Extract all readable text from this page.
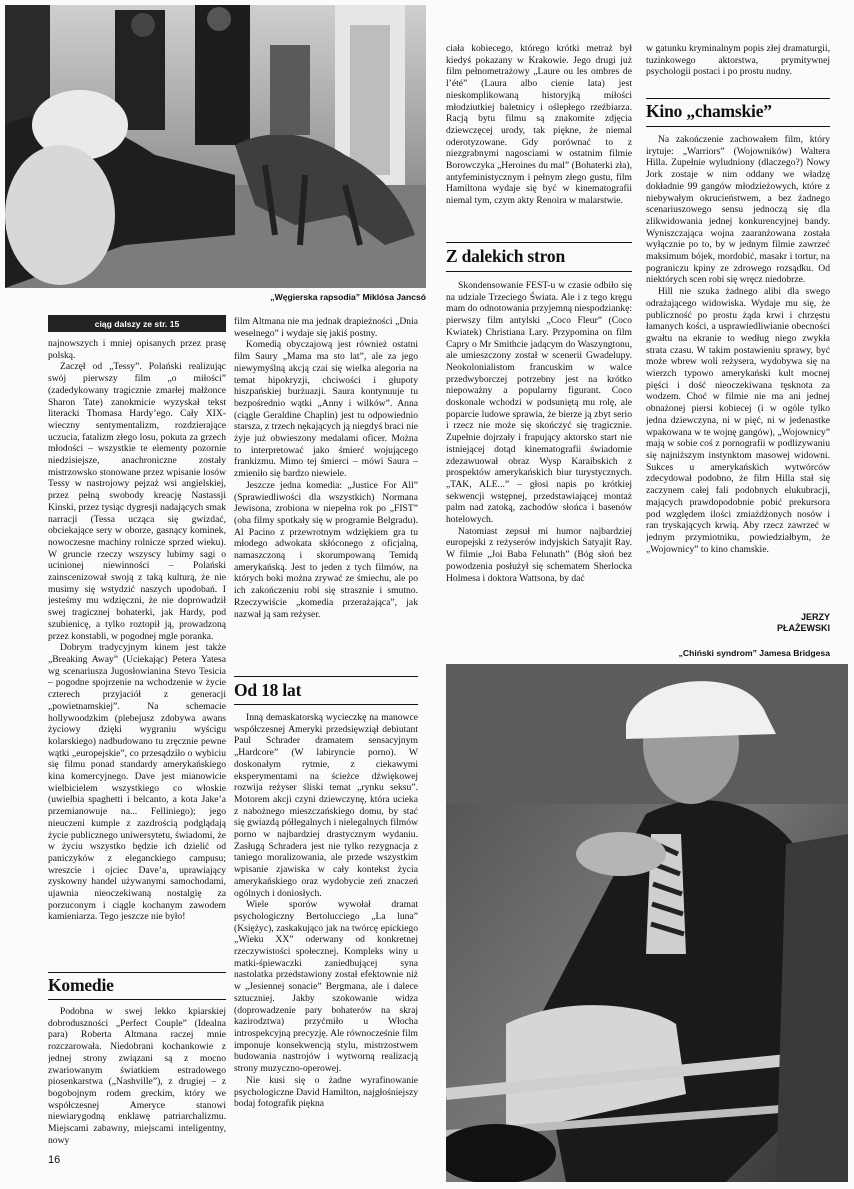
„Węgierska rapsodia” Miklósa Jancsó
ciąg dalszy ze str. 15

najnowszych i mniej opisanych przez prasę polską.

Zaczęł od „Tessy”. Polański realizując swój pierwszy film „o miłości” (zadedykowany tragicznie zmarłej małżonce Sharon Tate) zanokmicie wyzyskał tekst literacki Thomasa Hardy’ego. Cały XIX-wieczny sentymentalizm, rozdzierające uczucia, fatalizm złego losu, pokuta za grzech młodości – wszystkie te elementy pozornie niedzisiejsze, anachroniczne zostały mistrzowsko stonowane przez wpisanie losów Tessy w nastrojowy pejzaż wsi angielskiej, przez pełną swobody kreację Nastassji Kinski, przez tysiąc dygresji nadających smak narracji (Tessa ucząca się gwizdać, obciekające sery w oborze, gasnący kominek, nowoczesne machiny rolnicze sprzed wieku). W gruncie rzeczy wszyscy lubimy sagi o ucinionej niewinności – Polański zainscenizował swoją z taką kulturą, że nie musimy się wstydzić naszych upodobań. I jesteśmy mu wdzięczni, że nie doprowadził swej tragicznej bohaterki, jak Hardy, pod szubienicę, a tylko roztopił ją, prowadzoną przez konstabli, w pogodnej mgle poranka.

Dobrym tradycyjnym kinem jest także „Breaking Away” (Uciekając) Petera Yatesa wg scenariusza Jugosłowianina Stevo Tesicia – pogodne spojrzenie na wchodzenie w życie czterech przyjaciół z generacji „powietnamskiej”. Na schemacie hollywoodzkim (plebejusz zdobywa awans życiowy dzięki wygraniu wyścigu kolarskiego) nadbudowano tu zręcznie pewne wątki „europejskie”, co przesądziło o wybiciu się filmu ponad standardy amerykańskiego kina komercyjnego. Dave jest mianowicie wielbicielem wszystkiego co włoskie (uwielbia spaghetti i belcanto, a kota Jake’a przemianowuje na... Felliniego); jego nieuczeni kumple z zazdrością podglądają życie publicznego uniwersytetu, świadomi, że w życiu wszystko będzie ich dzielić od paniczyków z eleganckiego campusu; wreszcie i ojciec Dave’a, uprawiający zyskowny handel używanymi samochodami, ujawnia nieoczekiwaną nostalgię za porzuconym i ciągle kochanym zawodem kamieniarza. Tego jeszcze nie było!

Komedie

Podobna w swej lekko kpiarskiej dobroduszności „Perfect Couple” (Idealna para) Roberta Altmana raczej mnie rozczarowała. Niedobrani kochankowie z jednej strony związani są z mocno zwariowanym światkiem estradowego piosenkarstwa („Nashville”), z drugiej – z bogobojnym rodem greckim, który we współczesnej Ameryce stanowi niewiarygodną enklawę patriarchalizmu. Miejscami zabawny, miejscami inteligentny, nowy

16

film Altmana nie ma jednak drapieżności „Dnia weselnego” i wydaje się jakiś postny.

Komedią obyczajową jest również ostatni film Saury „Mama ma sto lat”, ale za jego niewymyślną akcją czai się wielka alegoria na temat hipokryzji, chciwości i głupoty hiszpańskiej burżuazji. Saura kontynuuje tu bezpośrednio wątki „Anny i wilków”. Anna (ciągle Geraldine Chaplin) jest tu odpowiednio starsza, z trzech nękających ją niegdyś braci nie żyje już obwieszony medalami oficer. Można to interpretować jako śmierć wojującego frankizmu. Mimo tej śmierci – mówi Saura – zmieniło się bardzo niewiele.

Jeszcze jedna komedia: „Justice For All” (Sprawiedliwości dla wszystkich) Normana Jewisona, zrobiona w niepełna rok po „FIST” (oba filmy spotkały się w programie Belgradu). Al Pacino z przewrotnym wdziękiem gra tu młodego adwokata skłóconego z oficjalną, namaszczoną i skorumpowaną Temidą amerykańską. Jest to jeden z tych filmów, na których boki można zrywać ze śmiechu, ale po ich zakończeniu robi się strasznie i smutno. Rzeczywiście „komedia przerażająca”, jak nazwał ją sam reżyser.

Od 18 lat

Inną demaskatorską wycieczkę na manowce współczesnej Ameryki przedsięwziął debiutant Paul Schrader dramatem sensacyjnym „Hardcore” (W labiryncie porno). W doskonałym rytmie, z ciekawymi eksperymentami na ścieżce dźwiękowej rozwija reżyser śliski temat „rynku seksu”. Motorem akcji czyni dziewczynę, która ucieka z nabożnego mieszczańskiego domu, by stać się gwiazdą półlegalnych i nielegalnych filmów porno w najbardziej drastycznym wydaniu. Zasługą Schradera jest nie tylko rezygnacja z taniego moralizowania, ale przede wszystkim wpisanie zjawiska w cały kontekst życia amerykańskiego oraz wydobycie zeń znaczeń ogólnych i doniosłych.

Wiele sporów wywołał dramat psychologiczny Bertolucciego „La luna” (Księżyc), zaskakująco jak na twórcę epickiego „Wieku XX” oderwany od konkretnej rzeczywistości społecznej. Kompleks winy u matki-śpiewaczki zaniedbującej syna nastolatka przedstawiony został efektownie niż w „Jesiennej sonacie” Bergmana, ale i dalece sztuczniej. Jakby szokowanie widza (doprowadzenie pary bohaterów na skraj kazirodztwa) przyćmiło u Włocha introspekcyjną precyzję. Ale równocześnie film imponuje konsekwencją stylu, mistrzostwem budowania nastrojów i wytworną realizacją strony muzyczno-operowej.

Nie kusi się o żadne wyrafinowanie psychologiczne David Hamilton, najgłośniejszy bodaj fotografik piękna

ciała kobiecego, którego krótki metraż był kiedyś pokazany w Krakowie. Jego drugi już film pełnometrażowy „Laure ou les ombres de l’été” (Laura albo cienie lata) jest nieskomplikowaną historyjką miłości młodziutkiej baletnicy i oślepłego rzeźbiarza. Racją bytu filmu są znakomite zdjęcia dziewczęcej urody, tak piękne, że niemal oderotyzowane. Gdy porównać to z niezgrabnymi nagosciami w ostatnim filmie Borowczyka „Heroines du mal” (Bohaterki zła), antyfeministycznym i pełnym złego gustu, film Hamiltona wydaje się być w kinematografii niemal tym, czym akty Renoira w malarstwie.

Z dalekich stron

Skondensowanie FEST-u w czasie odbiło się na udziale Trzeciego Świata. Ale i z tego kręgu mam do odnotowania przyjemną niespodziankę: pierwszy film antylski „Coco Fleur” (Coco Kwiatek) Christiana Lary. Przypomina on film Capry o Mr Smithcie jadącym do Waszyngtonu, ale umieszczony został w scenerii Gwadelupy. Neokolonialistom francuskim w walce przedwyborczej potrzebny jest na krótko niepoważny a popularny figurant. Coco doskonale wchodzi w podsuniętą mu rolę, ale poparcie ludowe sprawia, że bierze ją zbyt serio i rzecz nie może się skończyć się tragicznie. Zupełnie dojrzały i frapujący aktorsko start nie istniejącej dotąd kinematografii świadomie zdezawuował obraz Wysp Karaibskich z prospektów amerykańskich biur turystycznych. „TAK, ALE...” – głosi napis po krótkiej sekwencji wstępnej, przedstawiającej montaż palm nad zatoką, zachodów słońca i basenów hotelowych.

Natomiast zepsuł mi humor najbardziej europejski z reżyserów indyjskich Satyajit Ray. W filmie „Joi Baba Felunath” (Bóg słoń bez powodzenia posłużył się schematem Sherlocka Holmesa i doktora Wattsona, by dać

w gatunku kryminalnym popis złej dramaturgii, tuzinkowego aktorstwa, prymitywnej psychologii postaci i po prostu nudny.

Kino „chamskie”

Na zakończenie zachowałem film, który irytuje: „Warriors” (Wojowników) Waltera Hilla. Zupełnie wyludniony (dlaczego?) Nowy Jork zostaje w nim oddany we władzę dokładnie 99 gangów młodzieżowych, które z niebywałym okrucieństwem, a bez żadnego scenariuszowego sensu jednoczą się dla zlikwidowania jednej konkurencyjnej bandy. Wyniszczająca wojna zaaranżowana została wyłącznie po to, by w jednym filmie zawrzeć maksimum bójek, mordobić, masakr i tortur, na pograniczu kpiny ze zdrowego rozsądku. Od niektórych scen robi się wręcz niedobrze.

Hill nie szuka żadnego alibi dla swego odrażającego widowiska. Wydaje mu się, że publiczność po prostu żąda krwi i chrzęstu łamanych kości, a usprawiedliwianie obecności gwałtu na ekranie to według niego zwykła strata czasu. W takim postawieniu sprawy, być może wbrew woli reżysera, wydobywa się na wierzch typowo amerykański kult mocnej pięści i dość nieoczekiwana tęsknota za wodzem. Choć w filmie nie ma ani jednej obnażonej piersi kobiecej (i w ogóle tylko jedna dziewczyna, ni w pięć, ni w jedenastke wpakowana w te wojnę gangów), „Wojownicy” mają w sobie coś z pornografii w podlizywaniu się najniższym instynktom masowej widowni. Sukces u amerykańskich wytwórców zdecydował podobno, że film Hilla stał się zaczynem całej fali podobnych elukubracji, mających prawdopodobnie pobić prekursora pod względem ilości zmiażdżonych nosów i ran tryskających krwią. Aby rzecz zawrzeć w jednym przymiotniku, powiedziałbym, że „Wojownicy” to kino chamskie.

JERZY
PŁAŻEWSKI
„Chiński syndrom” Jamesa Bridgesa
